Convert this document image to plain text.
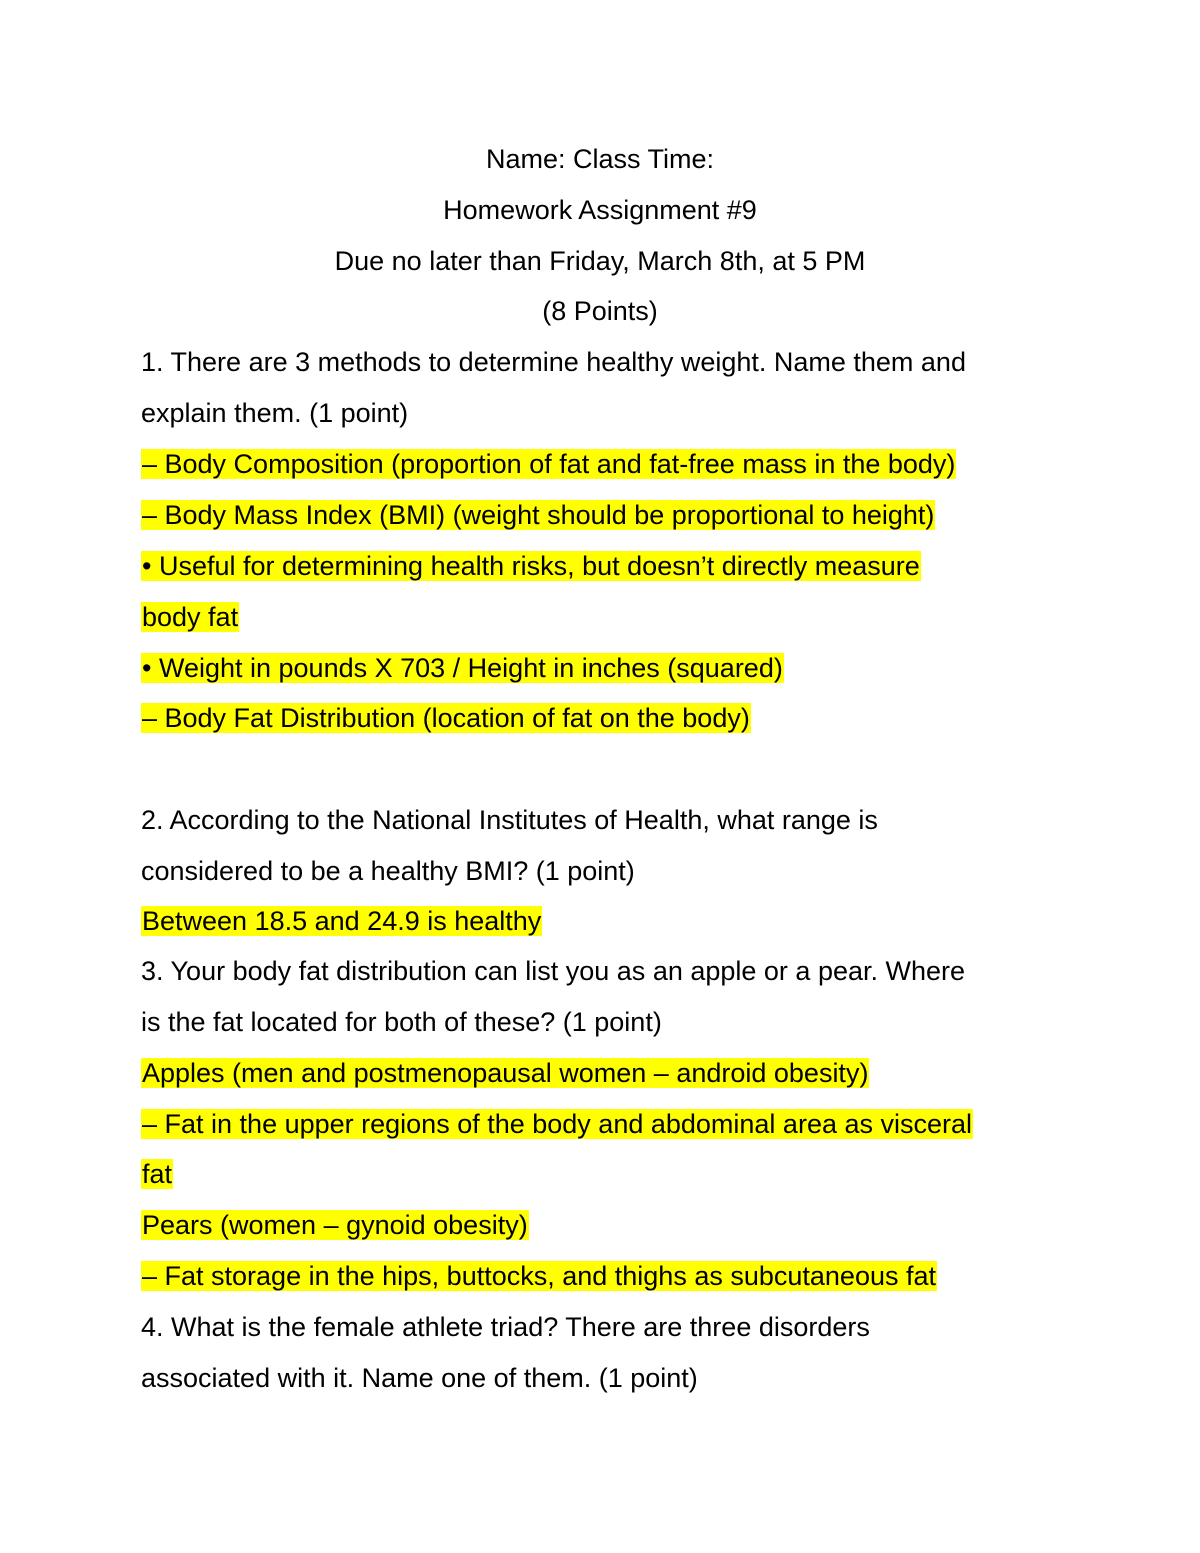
Name: Class Time:
Homework Assignment #9
Due no later than Friday, March 8th, at 5 PM
(8 Points)
1. There are 3 methods to determine healthy weight. Name them and
explain them. (1 point)
– Body Composition (proportion of fat and fat-free mass in the body)
– Body Mass Index (BMI) (weight should be proportional to height)
• Useful for determining health risks, but doesn’t directly measure
body fat
• Weight in pounds X 703 / Height in inches (squared)
– Body Fat Distribution (location of fat on the body)
2. According to the National Institutes of Health, what range is
considered to be a healthy BMI? (1 point)
Between 18.5 and 24.9 is healthy
3. Your body fat distribution can list you as an apple or a pear. Where
is the fat located for both of these? (1 point)
Apples (men and postmenopausal women – android obesity)
– Fat in the upper regions of the body and abdominal area as visceral
fat
Pears (women – gynoid obesity)
– Fat storage in the hips, buttocks, and thighs as subcutaneous fat
4. What is the female athlete triad? There are three disorders
associated with it. Name one of them. (1 point)
